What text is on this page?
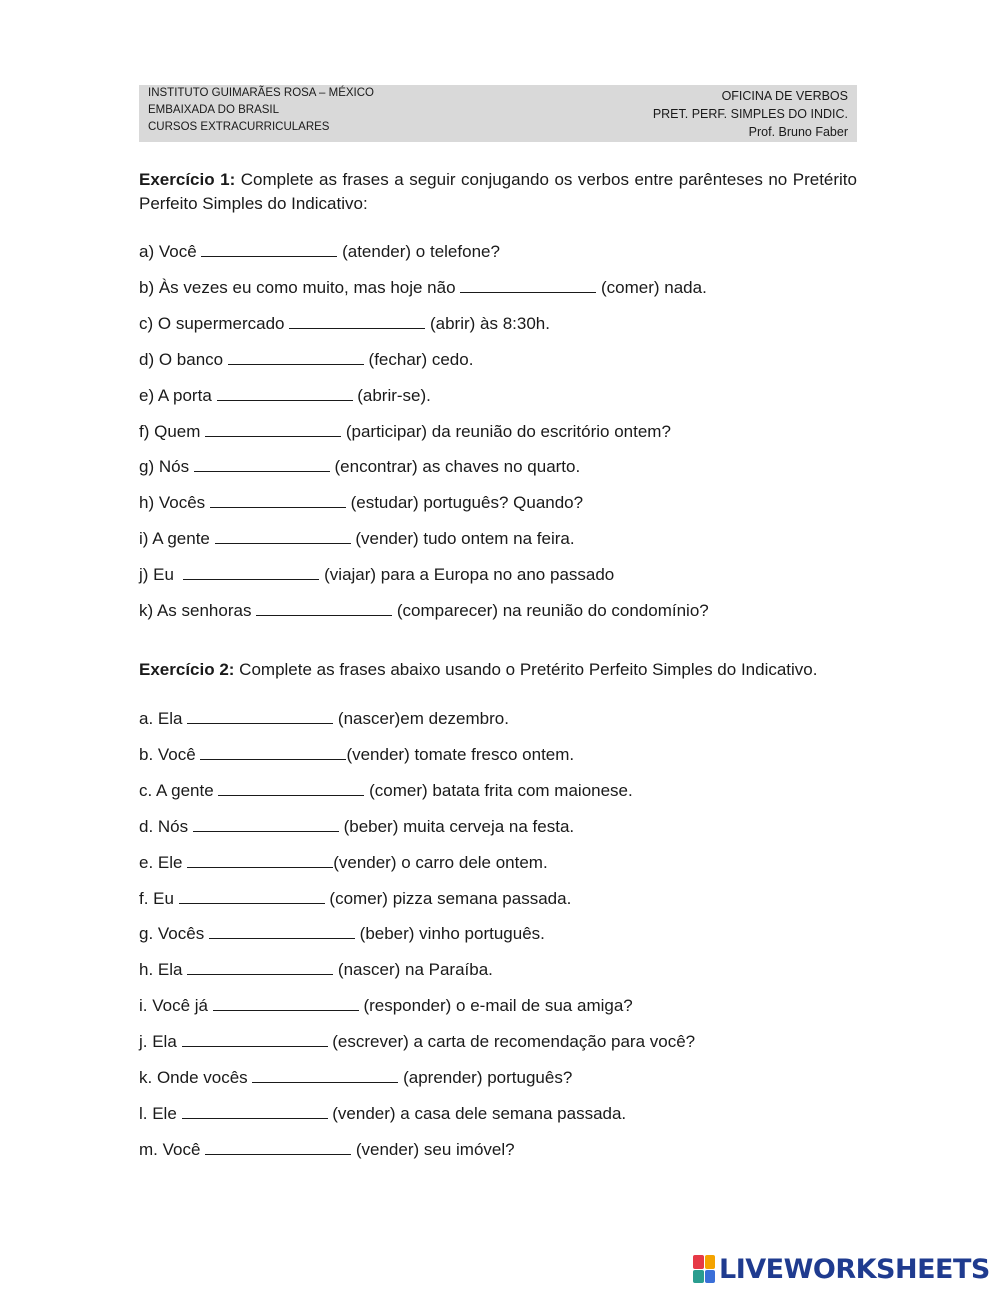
INSTITUTO GUIMARÃES ROSA – MÉXICO
EMBAIXADA DO BRASIL
CURSOS EXTRACURRICULARES
OFICINA DE VERBOS
PRET. PERF. SIMPLES DO INDIC.
Prof. Bruno Faber
Exercício 1: Complete as frases a seguir conjugando os verbos entre parênteses no Pretérito Perfeito Simples do Indicativo:
a) Você	(atender) o telefone?
b) Às vezes eu como muito, mas hoje não	(comer) nada.
c) O supermercado	(abrir) às 8:30h.
d) O banco	(fechar) cedo.
e) A porta	(abrir-se).
f) Quem	(participar) da reunião do escritório ontem?
g) Nós	(encontrar) as chaves no quarto.
h) Vocês	(estudar) português? Quando?
i) A gente	(vender) tudo ontem na feira.
j) Eu	(viajar) para a Europa no ano passado
k) As senhoras	(comparecer) na reunião do condomínio?
Exercício 2: Complete as frases abaixo usando o Pretérito Perfeito Simples do Indicativo.
a. Ela	(nascer)em dezembro.
b. Você	(vender) tomate fresco ontem.
c. A gente	(comer) batata frita com maionese.
d. Nós	(beber) muita cerveja na festa.
e. Ele	(vender) o carro dele ontem.
f. Eu	(comer) pizza semana passada.
g. Vocês	(beber) vinho português.
h. Ela	(nascer) na Paraíba.
i. Você já	(responder) o e-mail de sua amiga?
j. Ela	(escrever) a carta de recomendação para você?
k. Onde vocês	(aprender) português?
l. Ele	(vender) a casa dele semana passada.
m. Você	(vender) seu imóvel?
LIVEWORKSHEETS
